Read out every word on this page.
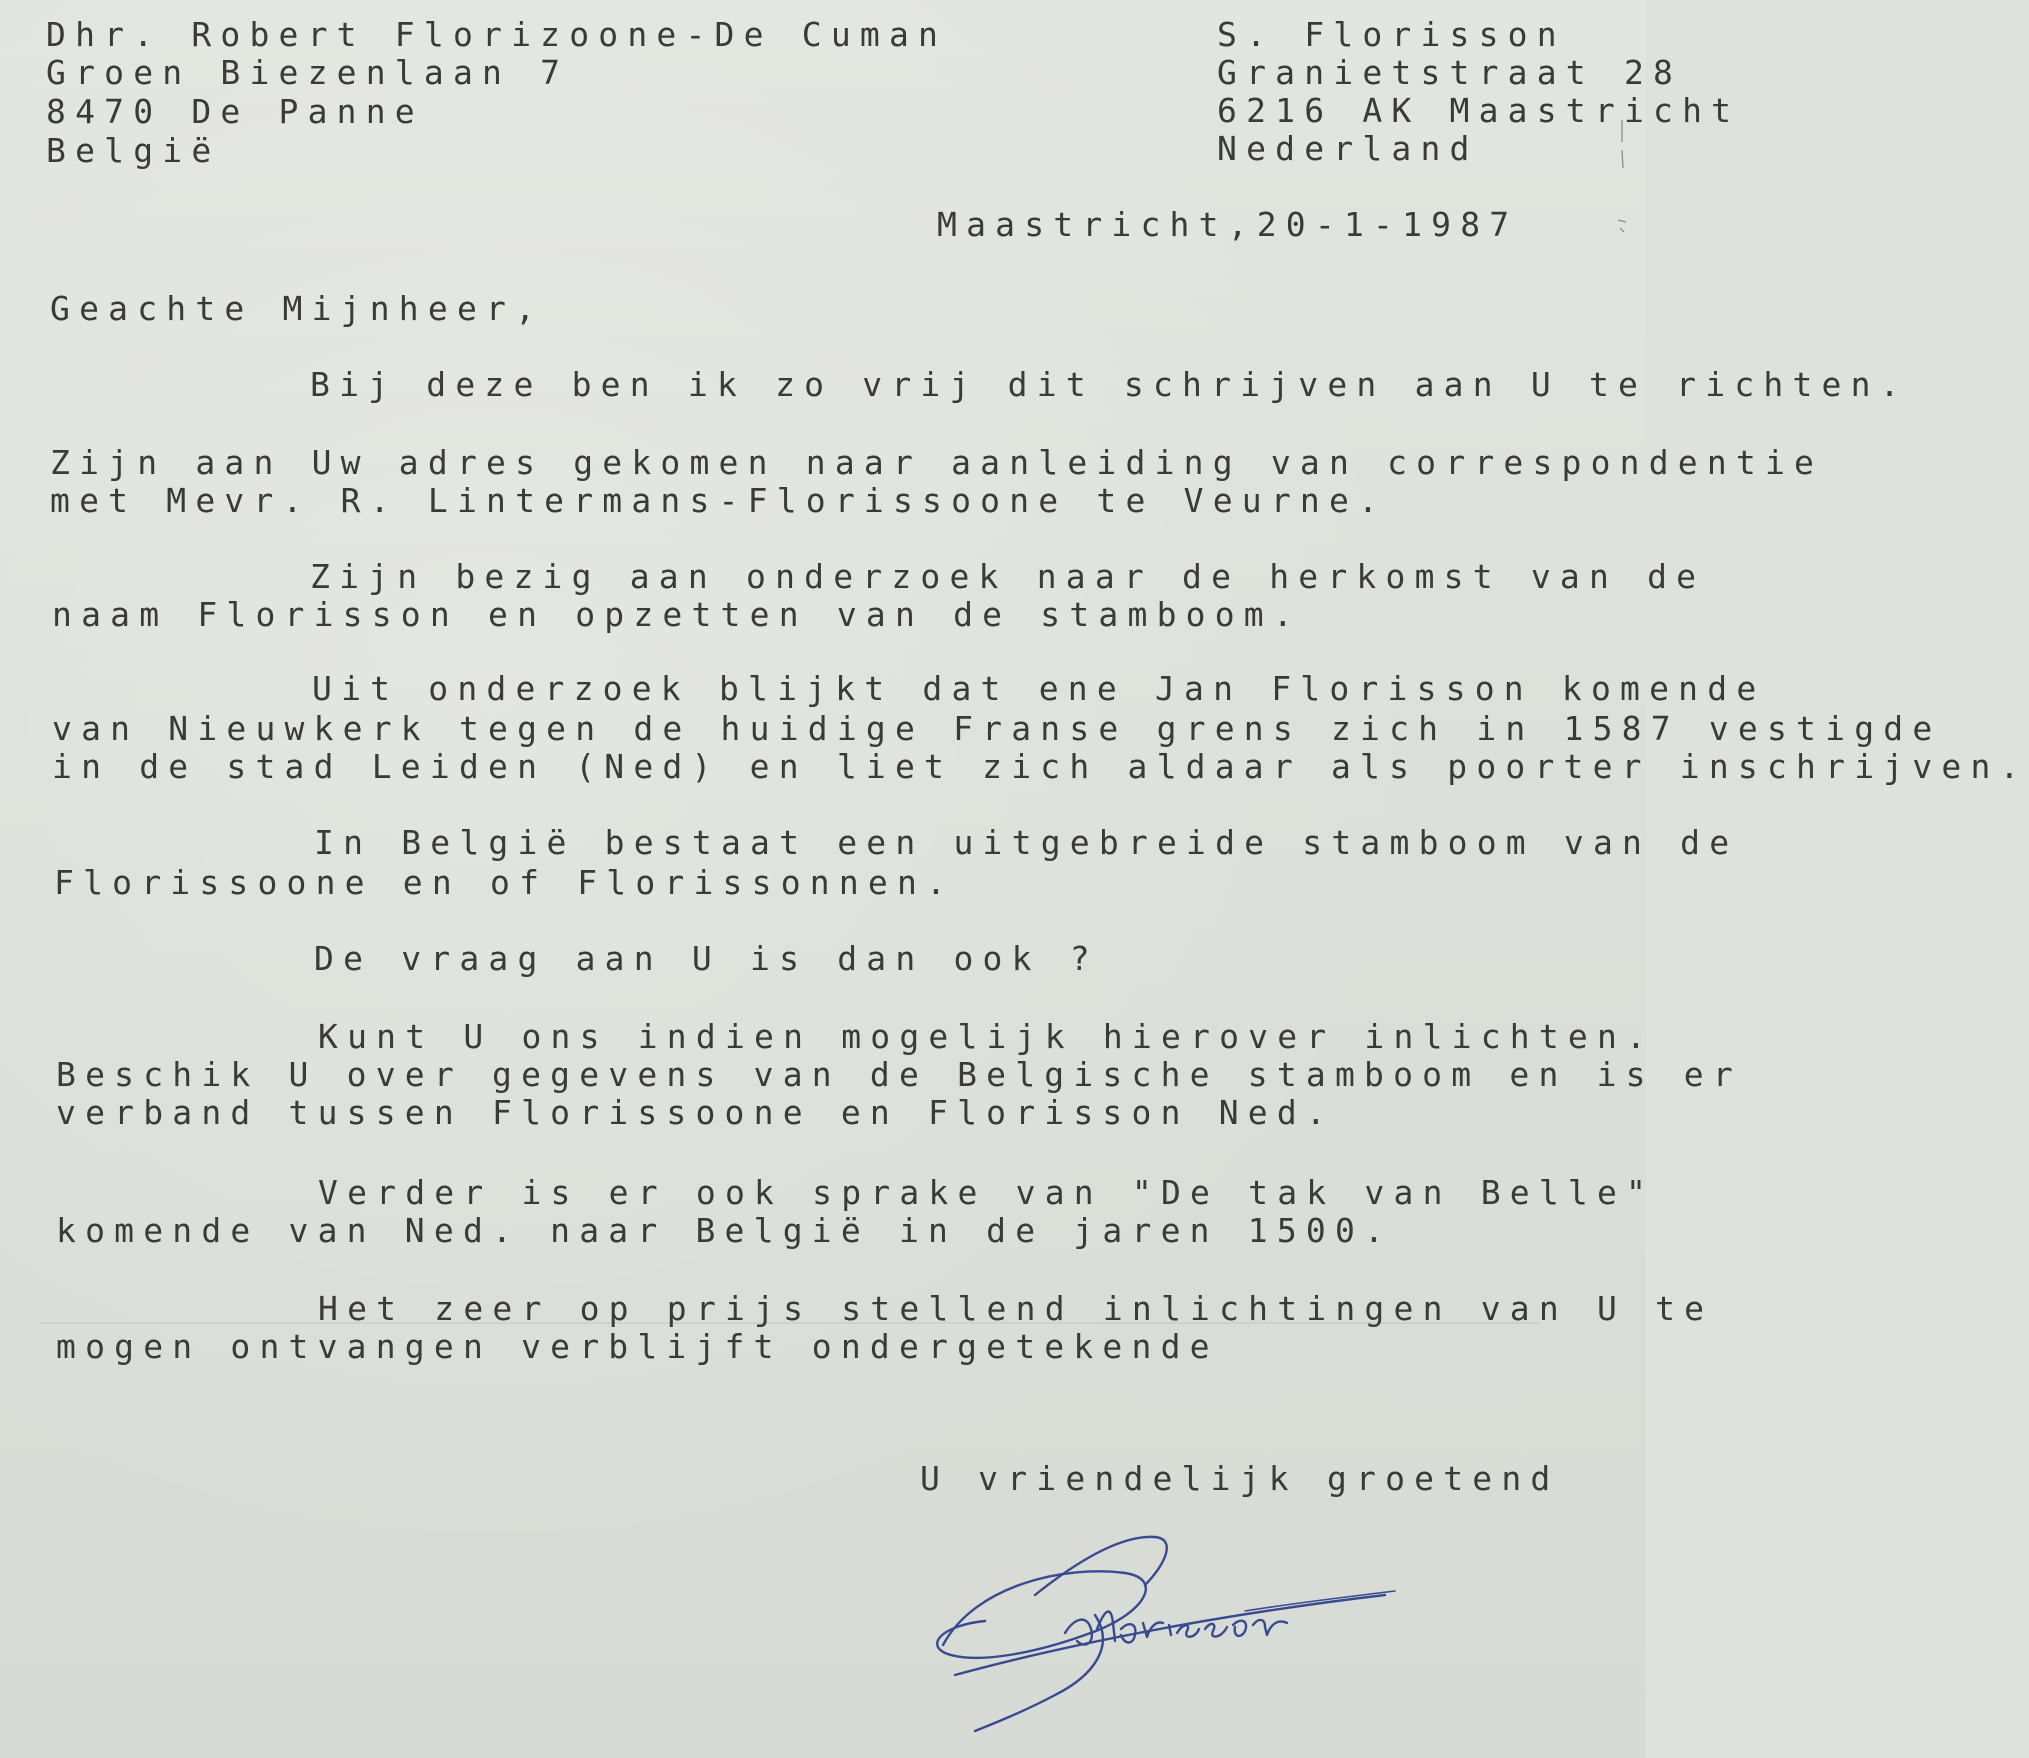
Dhr. Robert Florizoone-De Cuman

Groen Biezenlaan 7

8470 De Panne

België

S. Florisson

Granietstraat 28

6216 AK Maastricht

Nederland

Maastricht,20-1-1987

Geachte Mijnheer,

Bij deze ben ik zo vrij dit schrijven aan U te richten.

Zijn aan Uw adres gekomen naar aanleiding van correspondentie

met Mevr. R. Lintermans-Florissoone te Veurne.

Zijn bezig aan onderzoek naar de herkomst van de

naam Florisson en opzetten van de stamboom.

Uit onderzoek blijkt dat ene Jan Florisson komende

van Nieuwkerk tegen de huidige Franse grens zich in 1587 vestigde

in de stad Leiden (Ned) en liet zich aldaar als poorter inschrijven.

In België bestaat een uitgebreide stamboom van de

Florissoone en of Florissonnen.

De vraag aan U is dan ook ?

Kunt U ons indien mogelijk hierover inlichten.

Beschik U over gegevens van de Belgische stamboom en is er

verband tussen Florissoone en Florisson Ned.

Verder is er ook sprake van "De tak van Belle"

komende van Ned. naar België in de jaren 1500.

Het zeer op prijs stellend inlichtingen van U te

mogen ontvangen verblijft ondergetekende

U vriendelijk groetend
